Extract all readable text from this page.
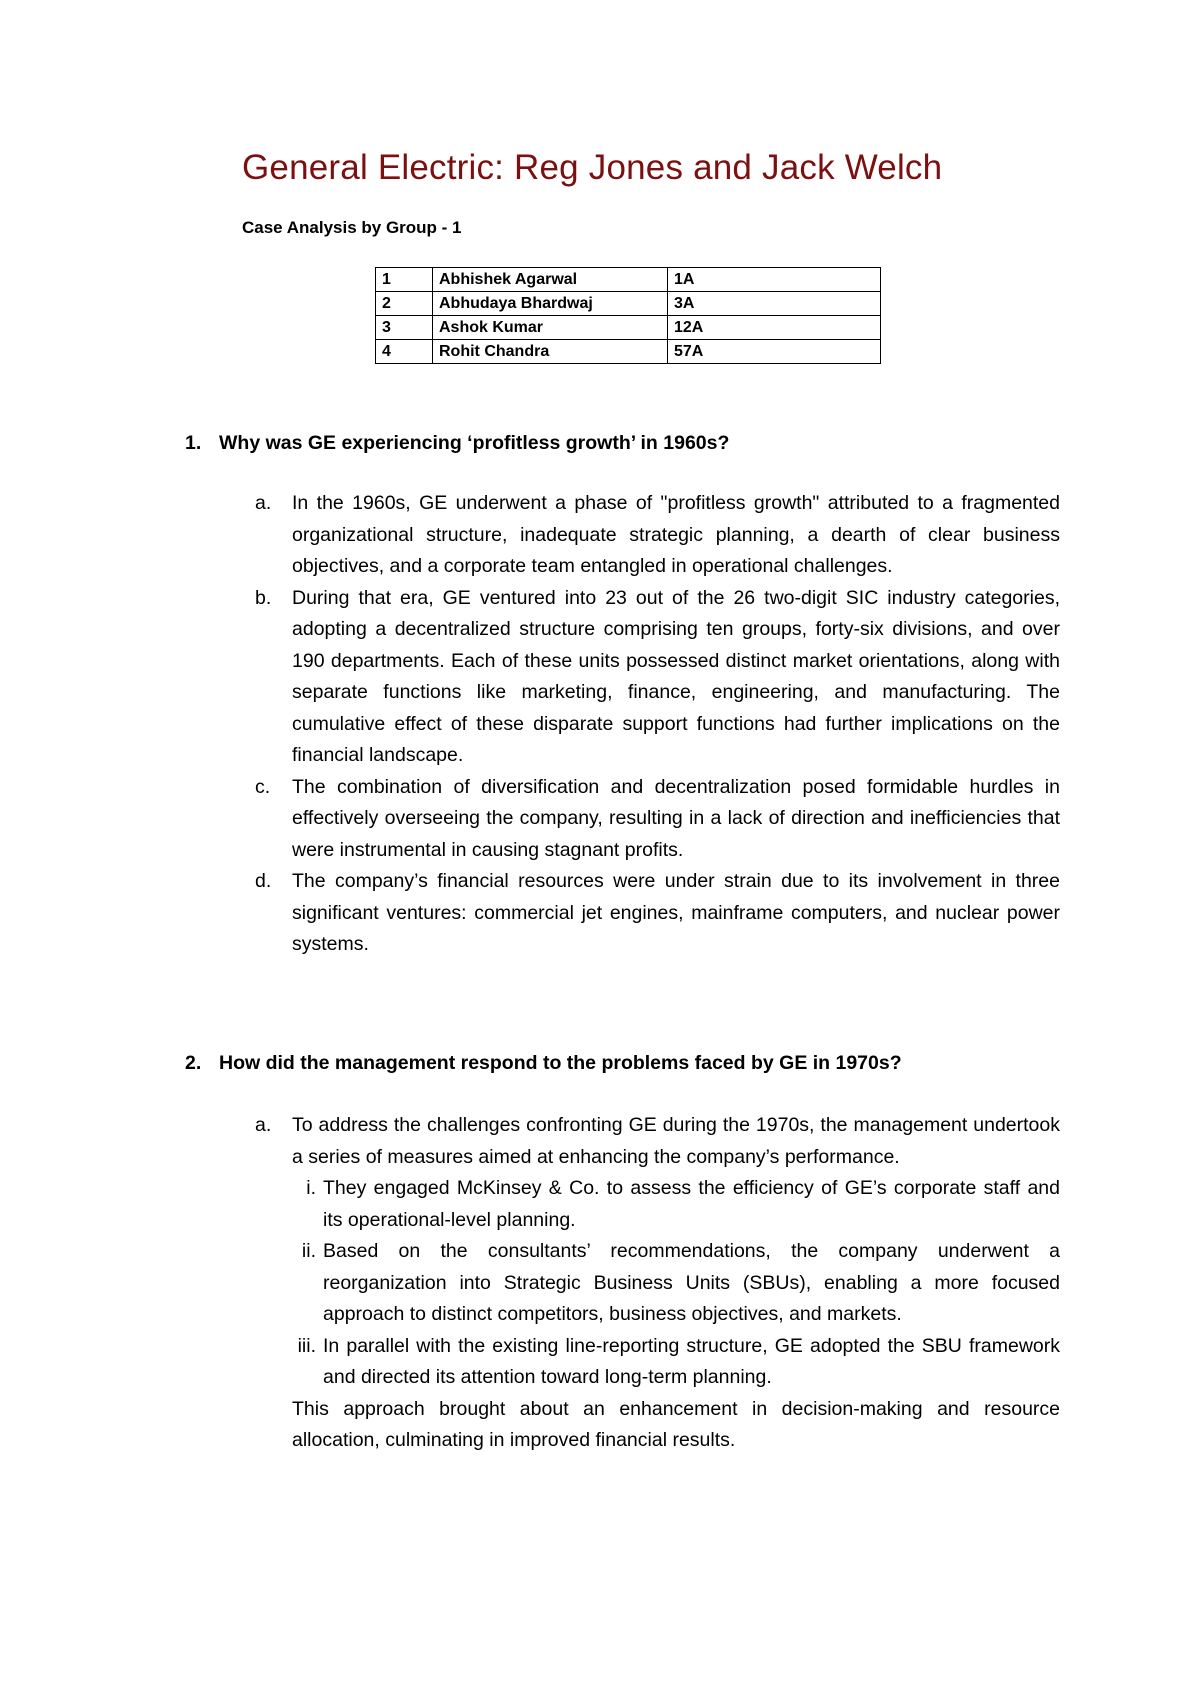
General Electric: Reg Jones and Jack Welch
Case Analysis by Group - 1
1	Abhishek Agarwal	1A
2	Abhudaya Bhardwaj	3A
3	Ashok Kumar	12A
4	Rohit Chandra	57A
1. Why was GE experiencing ‘profitless growth’ in 1960s?
a. In the 1960s, GE underwent a phase of "profitless growth" attributed to a fragmented organizational structure, inadequate strategic planning, a dearth of clear business objectives, and a corporate team entangled in operational challenges.
b. During that era, GE ventured into 23 out of the 26 two-digit SIC industry categories, adopting a decentralized structure comprising ten groups, forty-six divisions, and over 190 departments. Each of these units possessed distinct market orientations, along with separate functions like marketing, finance, engineering, and manufacturing. The cumulative effect of these disparate support functions had further implications on the financial landscape.
c. The combination of diversification and decentralization posed formidable hurdles in effectively overseeing the company, resulting in a lack of direction and inefficiencies that were instrumental in causing stagnant profits.
d. The company’s financial resources were under strain due to its involvement in three significant ventures: commercial jet engines, mainframe computers, and nuclear power systems.
2. How did the management respond to the problems faced by GE in 1970s?
a. To address the challenges confronting GE during the 1970s, the management undertook a series of measures aimed at enhancing the company’s performance.
i. They engaged McKinsey & Co. to assess the efficiency of GE’s corporate staff and its operational-level planning.
ii. Based on the consultants’ recommendations, the company underwent a reorganization into Strategic Business Units (SBUs), enabling a more focused approach to distinct competitors, business objectives, and markets.
iii. In parallel with the existing line-reporting structure, GE adopted the SBU framework and directed its attention toward long-term planning.
This approach brought about an enhancement in decision-making and resource allocation, culminating in improved financial results.
